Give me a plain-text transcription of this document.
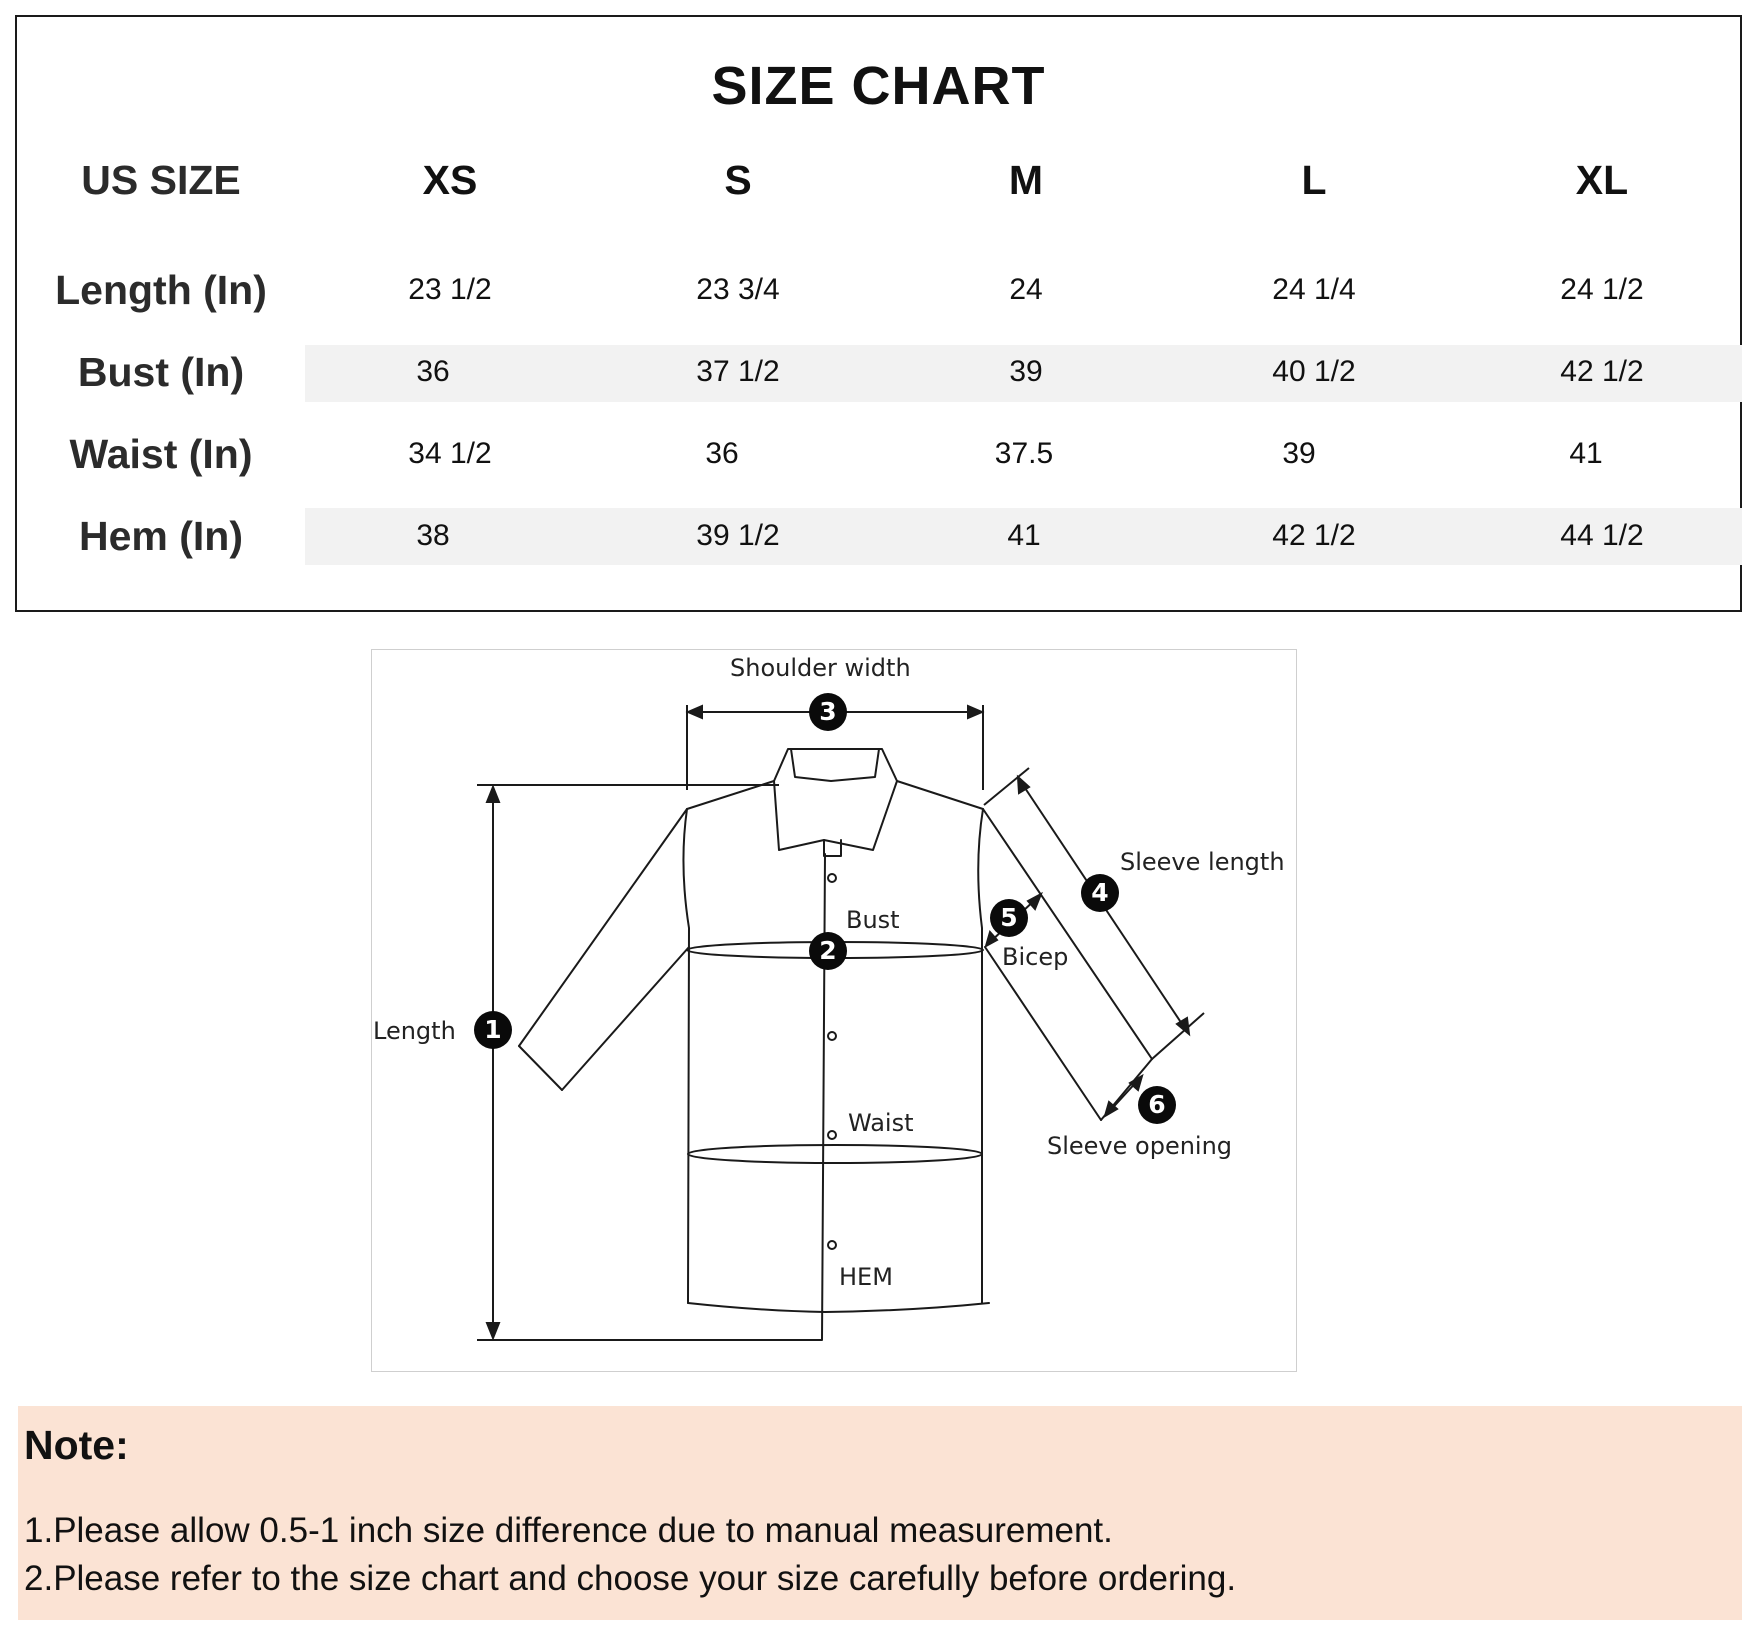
SIZE CHART
US SIZE	XS	S	M	L	XL
Length (In)	23 1/2	23 3/4	24	24 1/4	24 1/2
Bust (In)	36	37 1/2	39	40 1/2	42 1/2
Waist (In)	34 1/2	36	37.5	39	41
Hem (In)	38	39 1/2	41	42 1/2	44 1/2
Shoulder width
Sleeve length
Bust
Bicep
Length
Waist
Sleeve opening
HEM
1
2
3
4
5
6
Note:
1.Please allow 0.5-1 inch size difference due to manual measurement.
2.Please refer to the size chart and choose your size carefully before ordering.
